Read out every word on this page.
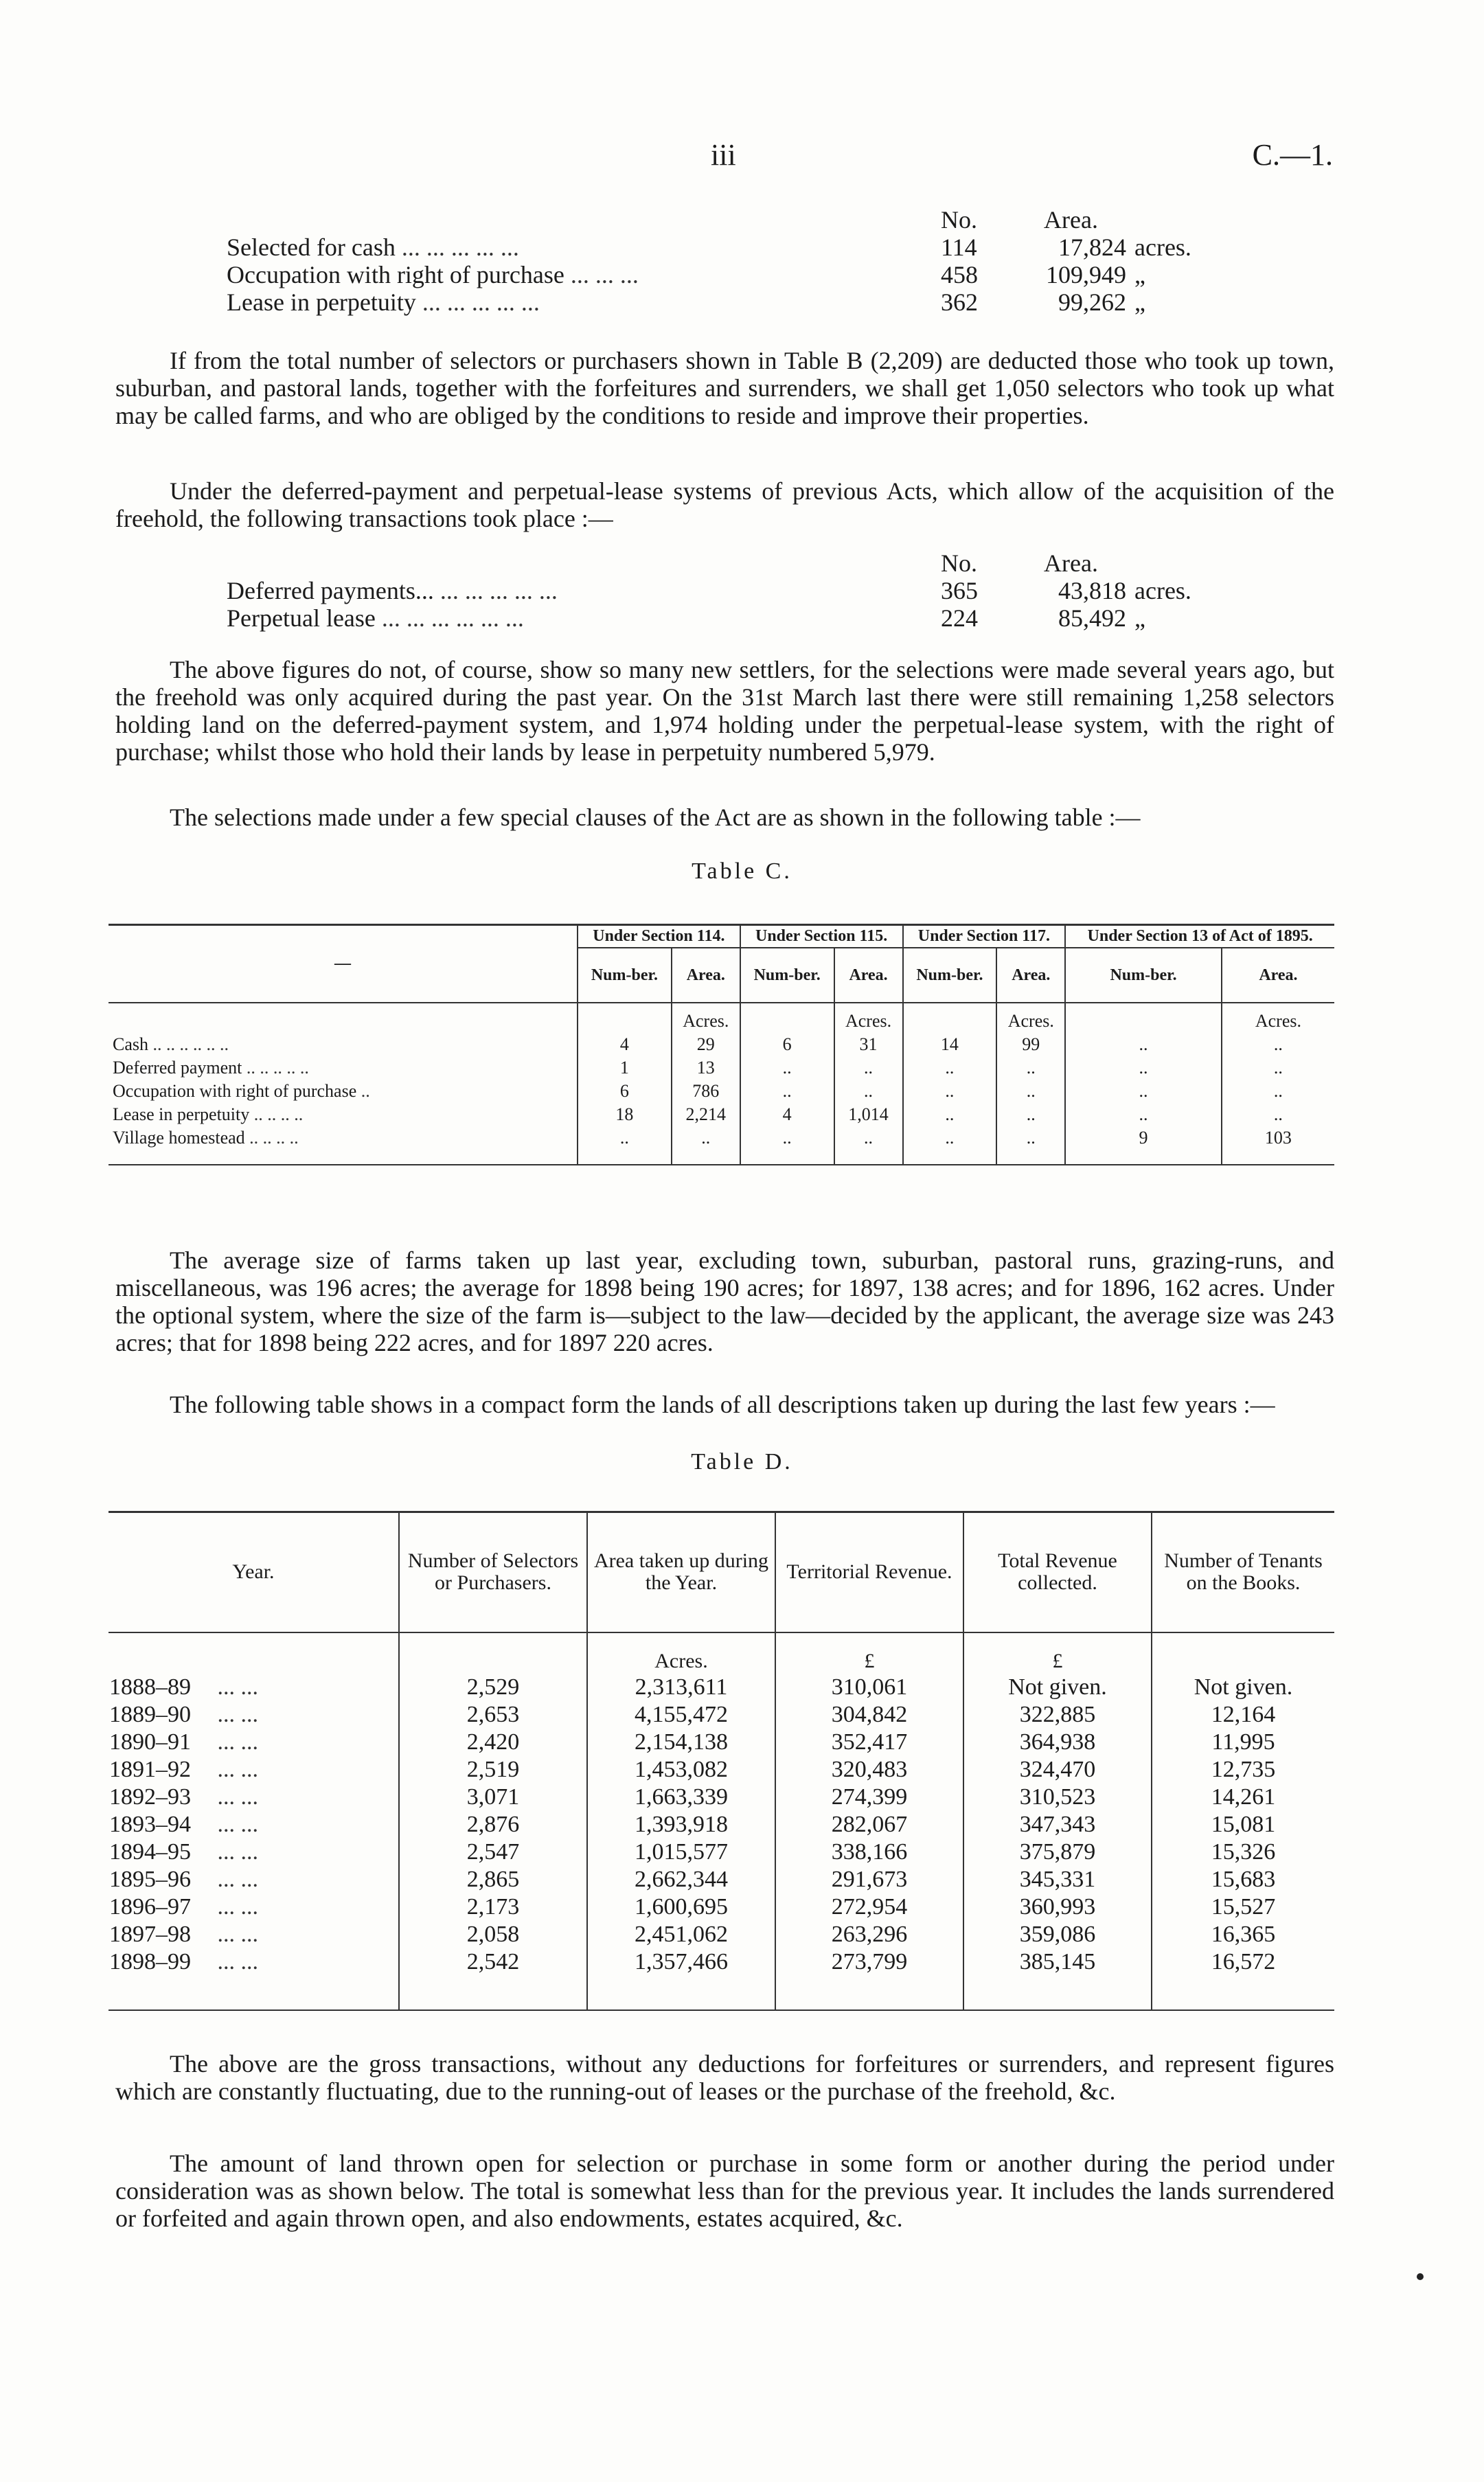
iii	C.—1.
No.	Area.
Selected for cash ... ... ... ... ...	114	17,824 acres.
Occupation with right of purchase ... ... ...	458	109,949 „
Lease in perpetuity ... ... ... ... ...	362	99,262 „

If from the total number of selectors or purchasers shown in Table B (2,209) are deducted those who took up town, suburban, and pastoral lands, together with the forfeitures and surrenders, we shall get 1,050 selectors who took up what may be called farms, and who are obliged by the conditions to reside and improve their properties.

Under the deferred-payment and perpetual-lease systems of previous Acts, which allow of the acquisition of the freehold, the following transactions took place :—

No.	Area.
Deferred payments... ... ... ... ... ...	365	43,818 acres.
Perpetual lease ... ... ... ... ... ...	224	85,492 „

The above figures do not, of course, show so many new settlers, for the selections were made several years ago, but the freehold was only acquired during the past year. On the 31st March last there were still remaining 1,258 selectors holding land on the deferred-payment system, and 1,974 holding under the perpetual-lease system, with the right of purchase; whilst those who hold their lands by lease in perpetuity numbered 5,979.

The selections made under a few special clauses of the Act are as shown in the following table :—

Table C.
—	Under Section 114.		Under Section 115.		Under Section 117.		Under Section 13 of Act of 1895.	
	Num-ber.	Area.	Num-ber.	Area.	Num-ber.	Area.	Num-ber.	Area.
		Acres.		Acres.		Acres.		Acres.
Cash .. .. .. .. .. ..	4	29	6	31	14	99	..	..
Deferred payment .. .. .. .. ..	1	13	..	..	..	..	..	..
Occupation with right of purchase ..	6	786	..	..	..	..	..	..
Lease in perpetuity .. .. .. ..	18	2,214	4	1,014	..	..	..	..
Village homestead .. .. .. ..	..	..	..	..	..	..	9	103

The average size of farms taken up last year, excluding town, suburban, pastoral runs, grazing-runs, and miscellaneous, was 196 acres; the average for 1898 being 190 acres; for 1897, 138 acres; and for 1896, 162 acres. Under the optional system, where the size of the farm is—subject to the law—decided by the applicant, the average size was 243 acres; that for 1898 being 222 acres, and for 1897 220 acres.

The following table shows in a compact form the lands of all descriptions taken up during the last few years :—

Table D.
Year.	Number of Selectors or Purchasers.	Area taken up during the Year.	Territorial Revenue.	Total Revenue collected.	Number of Tenants on the Books.
		Acres.	£	£	
1888–89 ... ...	2,529	2,313,611	310,061	Not given.	Not given.
1889–90 ... ...	2,653	4,155,472	304,842	322,885	12,164
1890–91 ... ...	2,420	2,154,138	352,417	364,938	11,995
1891–92 ... ...	2,519	1,453,082	320,483	324,470	12,735
1892–93 ... ...	3,071	1,663,339	274,399	310,523	14,261
1893–94 ... ...	2,876	1,393,918	282,067	347,343	15,081
1894–95 ... ...	2,547	1,015,577	338,166	375,879	15,326
1895–96 ... ...	2,865	2,662,344	291,673	345,331	15,683
1896–97 ... ...	2,173	1,600,695	272,954	360,993	15,527
1897–98 ... ...	2,058	2,451,062	263,296	359,086	16,365
1898–99 ... ...	2,542	1,357,466	273,799	385,145	16,572

The above are the gross transactions, without any deductions for forfeitures or surrenders, and represent figures which are constantly fluctuating, due to the running-out of leases or the purchase of the freehold, &c.

The amount of land thrown open for selection or purchase in some form or another during the period under consideration was as shown below. The total is somewhat less than for the previous year. It includes the lands surrendered or forfeited and again thrown open, and also endowments, estates acquired, &c.
